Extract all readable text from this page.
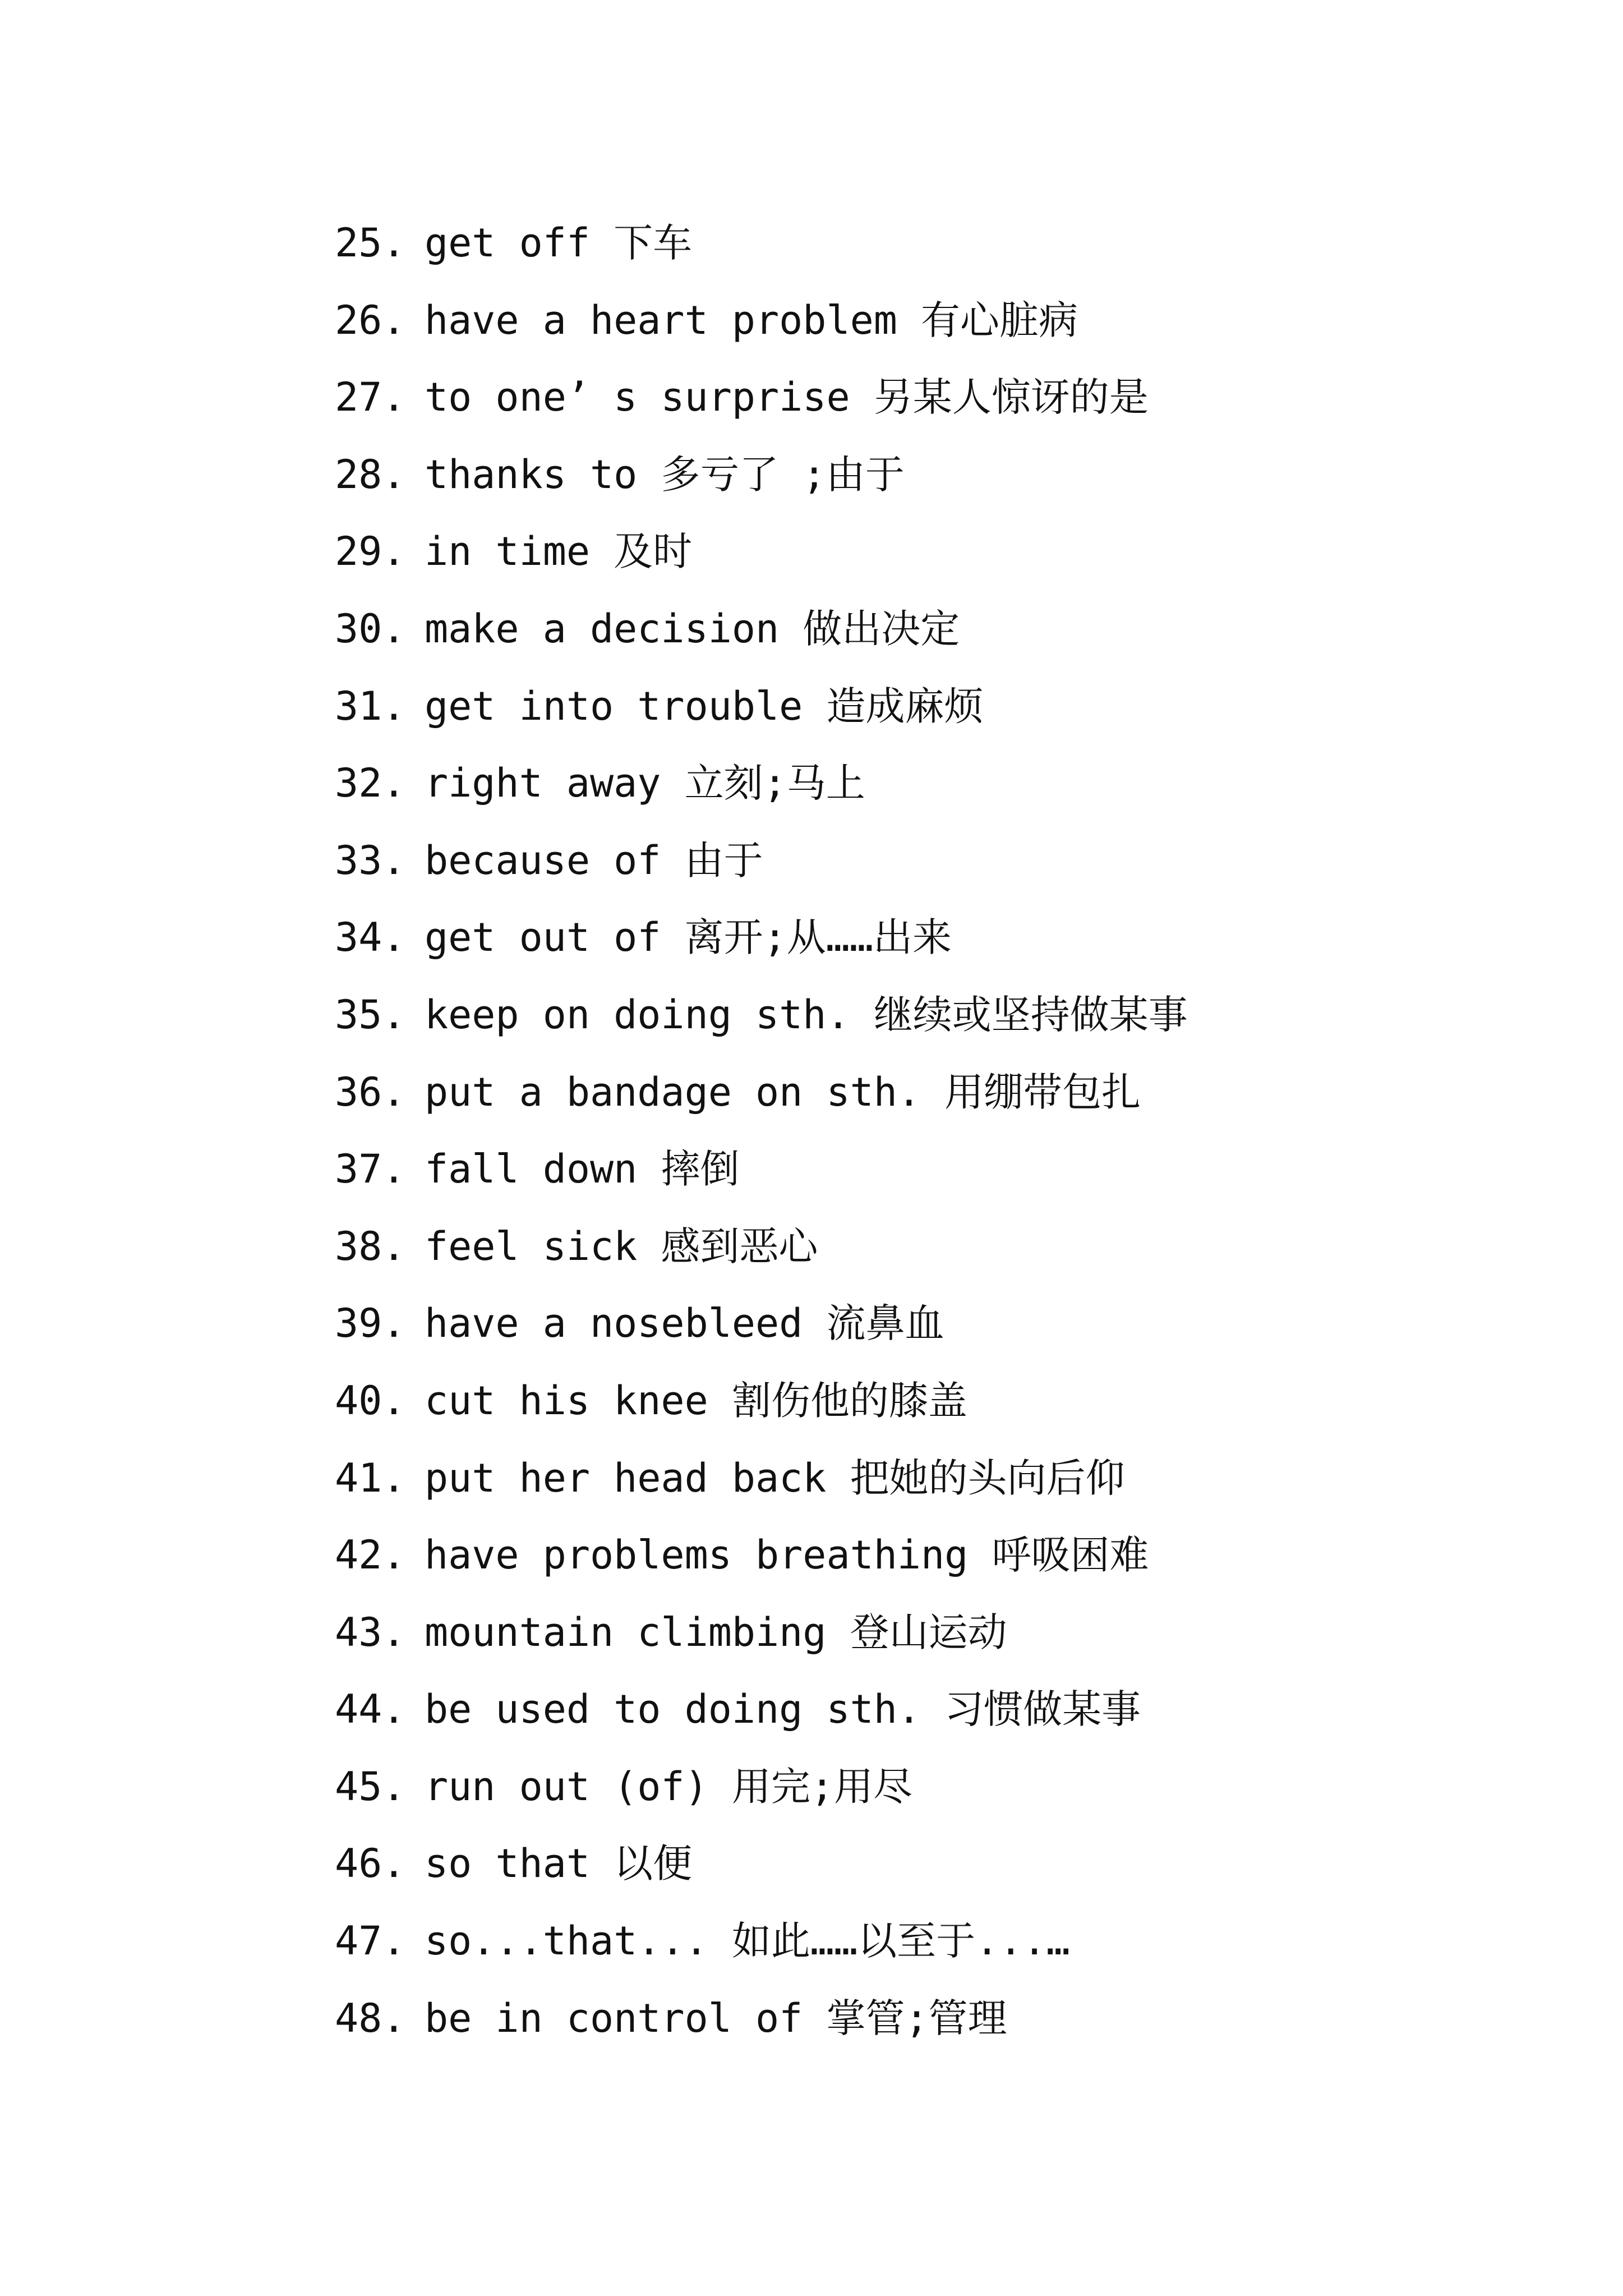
25. get off 下车
26. have a heart problem 有心脏病
27. to one’ s surprise 另某人惊讶的是
28. thanks to 多亏了 ;由于
29. in time 及时
30. make a decision 做出决定
31. get into trouble 造成麻烦
32. right away 立刻;马上
33. because of 由于
34. get out of 离开;从……出来
35. keep on doing sth. 继续或坚持做某事
36. put a bandage on sth. 用绷带包扎
37. fall down 摔倒
38. feel sick 感到恶心
39. have a nosebleed 流鼻血
40. cut his knee 割伤他的膝盖
41. put her head back 把她的头向后仰
42. have problems breathing 呼吸困难
43. mountain climbing 登山运动
44. be used to doing sth. 习惯做某事
45. run out (of) 用完;用尽
46. so that 以便
47. so...that... 如此……以至于...…
48. be in control of 掌管;管理
